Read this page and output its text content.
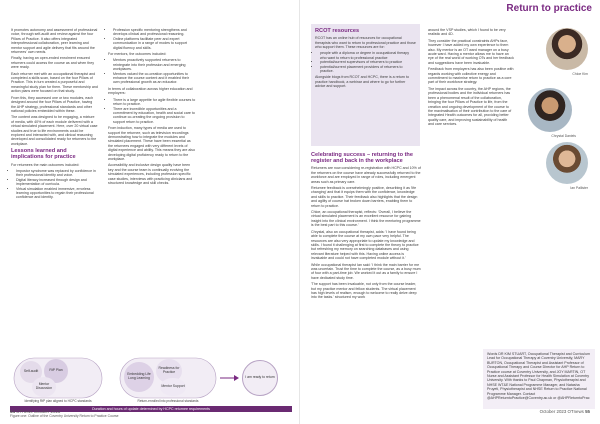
It promotes autonomy and assessment of professional voice, through self-audit and review against the four Pillars of Practice. It also offers integrated interprofessional collaboration, peer learning and mentor support and agile delivery that fits around the returnees' own needs.

Finally, having an open-ended enrolment ensured returners could access the course as and when they were ready.

Each returner met with an occupational therapist and completed a skills scan, based on the four Pillars of Practice. This in turn created a purposeful and meaningful study plan for them. These mentorship and action plans were focused on that study.

From this, they accessed one or two modules, each designed around the four Pillars of Practice, having the AHP strategy, professional standards and other national policies embedded within these.

The content was designed to be engaging, a mixture of media, with 40% of each module delivered with a virtual simulated placement. Here, over 20 virtual case studies and true to life environments could be explored and interacted with, and clinical reasoning developed and consolidated ready for returners to the workplace.

Lessons learned and implications for practice

For returnees the main outcomes included:

• Impostor syndrome was replaced by confidence in their professional identity and voice.
• Digital literacy increased through design and implementation of curricula.
• Virtual simulation enabled immersive, errorless learning opportunities to regain their professional confidence and identity.
• Profession specific mentoring strengthens and develops clinical and professional reasoning.
• Online platforms facilitate peer and expert communication in a range of modes to support digital fluency and skills.

For mentors, the outcomes included:

• Mentors proactively supported returners to reintegrate into their profession and emerging workplaces.
• Mentors valued the co-creation opportunities to enhance the course content and it enabled their own professional growth as an educator.

In terms of collaboration across higher education and employers:

• There is a large appetite for agile flexible courses to return to practice.
• There are incredible opportunities and a commitment by education, health and social care to continue co-creating the ongoing provision to support return to practice.

From induction, many types of media are used to support the returnee, such as television recordings demonstrating how to integrate the modules and simulated placement. These have been essential as the returnees engaged with very different levels of digital experience and ability. This means they are also developing digital proficiency ready to return to the workplace.

Accessibility and inclusive design quality have been key and the course team is continually evolving the simulated experiences, including profession specific case studies, interviews with practicing clinicians and structured knowledge and skill checks.

Self-audit	RtP Plan
Mentor Discussion
Embedding Life Long Learning
Readiness for Practice
Mentor Support
I am ready to return
Identifying RtP plan aligned to HCPC standards	Return-enrolled into professional standards
Duration and hours of update determined by HCPC returnee requirements
Figure one: Outline of the Coventry University Return to Practice Course
54 OTnews October 2023
Return to practice
RCOT resources

RCOT has an online hub of resources for occupational therapists who want to return to professional practice and those who support them. These resources are for:

• people with a diploma or degree in occupational therapy who want to return to professional practice
• potential/current supervisors of returners to practice
• potential/current placement providers of returners to practice.

Alongside blogs from RCOT and HCPC, there is a return to practice handbook, a webinar and where to go for further advice and support.

Celebrating success – returning to the register and back in the workplace

Returners are now considering re-registration with HCPC and 10% of the returners on the course have already successfully returned to the workforce and are employed in range of roles, including emergent areas such as primary care.

Returnee feedback is overwhelmingly positive, describing it as 'life changing' and that it equips them with the confidence, knowledge and skills to practice. Their feedback also highlights that the design and agility of course hat broken down barriers, enabling them to return to practice.

Chloe, an occupational therapist, reflects: 'Overall, I believe the virtual simulated placement is an excellent resource for gaining insight into the clinical environment. I think the mentoring programme is the best part to this course.'

Chrystal, also an occupational therapist, adds: 'I have found being able to complete the course at my own pace very helpful. The resources are also very appropriate to update my knowledge and skills. I found it challenging at first to complete the theory to practice but refreshing my memory on searching databases and using relevant literature helped with this. Having online access is invaluable and could not have completed module without it.'

While occupational therapist Ian said: 'I think the main barrier for me was uncertain. Trust the time to complete the course, as a busy mum of four with a part-time job. We worked it out as a family to ensure I have dedicated study time.

'The support has been invaluable, not only from the course leader, but my practice mentor and fellow students. The virtual placement has high levels of realism, enough to welcome to really delve deep into the tasks.' structured my work

around the VSP studies, which I found to be very realistic and 4D.

They consider the practical constraints AHPs face, however I have added my own experience to them also. My mentor is an OT ward manager on a busy acute ward. Having a mentor allows me to have an eye of the real world of working OTs and her feedback and suggestions have been invaluable.

Feedback from employers has also been positive with regards working with collective energy and commitment to maximise return to practice as a core part of their workforce strategy.

The impact across the country, the AHP regions, the professional bodies and the individual returners has been a phenomenal result of the collaboration, bringing the four Pillars of Practice to life, from the creation and ongoing development of the course to the maximalisation of their contribution to the care of Integrated Health outcomes for all, providing better quality care, and improving sustainability of health and care services.

Chloe Kim
Chrystal Daniels
Ian Pallister
Words DR KIM STUART, Occupational Therapist and Curriculum Lead for Occupational Therapy at Coventry University, MARY BURTON, Occupational Therapist and Assistant Professor of Occupational Therapy and Course Director for AHP Return to Practice course at Coventry University, and JOY MARTIN, OT Nurse and Assistant Professor for Health Simulation at Coventry University. With thanks to Paul Chapman, Physiotherapist and NHSE WT&E National Programme Manager, and Natasha Pruyeti, Physiotherapist and NHSE Return to Practice National Programme Manager. Contact @AHPReturntoPractice@Coventry.ac.uk or @AHPReturntoPrac
October 2023 OTnews 55
